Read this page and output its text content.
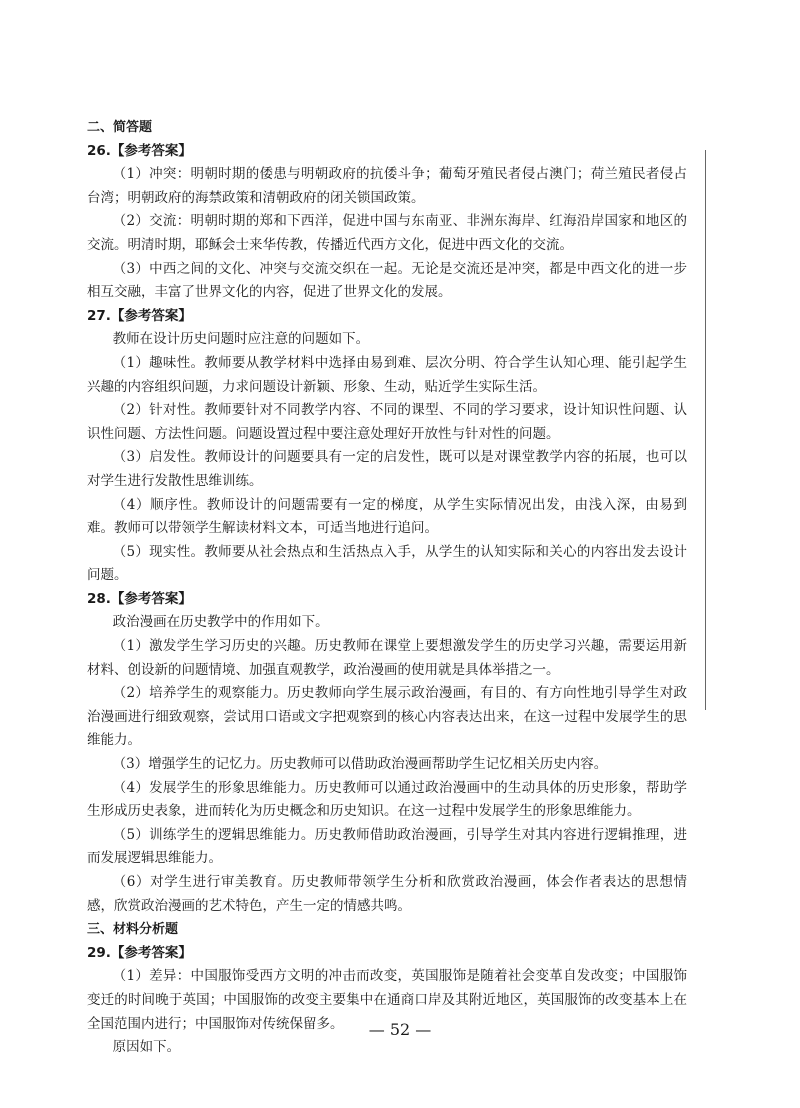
二、简答题

26.【参考答案】

（1）冲突：明朝时期的倭患与明朝政府的抗倭斗争；葡萄牙殖民者侵占澳门；荷兰殖民者侵占台湾；明朝政府的海禁政策和清朝政府的闭关锁国政策。

（2）交流：明朝时期的郑和下西洋，促进中国与东南亚、非洲东海岸、红海沿岸国家和地区的交流。明清时期，耶稣会士来华传教，传播近代西方文化，促进中西文化的交流。

（3）中西之间的文化、冲突与交流交织在一起。无论是交流还是冲突，都是中西文化的进一步相互交融，丰富了世界文化的内容，促进了世界文化的发展。

27.【参考答案】

教师在设计历史问题时应注意的问题如下。

（1）趣味性。教师要从教学材料中选择由易到难、层次分明、符合学生认知心理、能引起学生兴趣的内容组织问题，力求问题设计新颖、形象、生动，贴近学生实际生活。

（2）针对性。教师要针对不同教学内容、不同的课型、不同的学习要求，设计知识性问题、认识性问题、方法性问题。问题设置过程中要注意处理好开放性与针对性的问题。

（3）启发性。教师设计的问题要具有一定的启发性，既可以是对课堂教学内容的拓展，也可以对学生进行发散性思维训练。

（4）顺序性。教师设计的问题需要有一定的梯度，从学生实际情况出发，由浅入深，由易到难。教师可以带领学生解读材料文本，可适当地进行追问。

（5）现实性。教师要从社会热点和生活热点入手，从学生的认知实际和关心的内容出发去设计问题。

28.【参考答案】

政治漫画在历史教学中的作用如下。

（1）激发学生学习历史的兴趣。历史教师在课堂上要想激发学生的历史学习兴趣，需要运用新材料、创设新的问题情境、加强直观教学，政治漫画的使用就是具体举措之一。

（2）培养学生的观察能力。历史教师向学生展示政治漫画，有目的、有方向性地引导学生对政治漫画进行细致观察，尝试用口语或文字把观察到的核心内容表达出来，在这一过程中发展学生的思维能力。

（3）增强学生的记忆力。历史教师可以借助政治漫画帮助学生记忆相关历史内容。

（4）发展学生的形象思维能力。历史教师可以通过政治漫画中的生动具体的历史形象，帮助学生形成历史表象，进而转化为历史概念和历史知识。在这一过程中发展学生的形象思维能力。

（5）训练学生的逻辑思维能力。历史教师借助政治漫画，引导学生对其内容进行逻辑推理，进而发展逻辑思维能力。

（6）对学生进行审美教育。历史教师带领学生分析和欣赏政治漫画，体会作者表达的思想情感，欣赏政治漫画的艺术特色，产生一定的情感共鸣。

三、材料分析题

29.【参考答案】

（1）差异：中国服饰受西方文明的冲击而改变，英国服饰是随着社会变革自发改变；中国服饰变迁的时间晚于英国；中国服饰的改变主要集中在通商口岸及其附近地区，英国服饰的改变基本上在全国范围内进行；中国服饰对传统保留多。

原因如下。

— 52 —
